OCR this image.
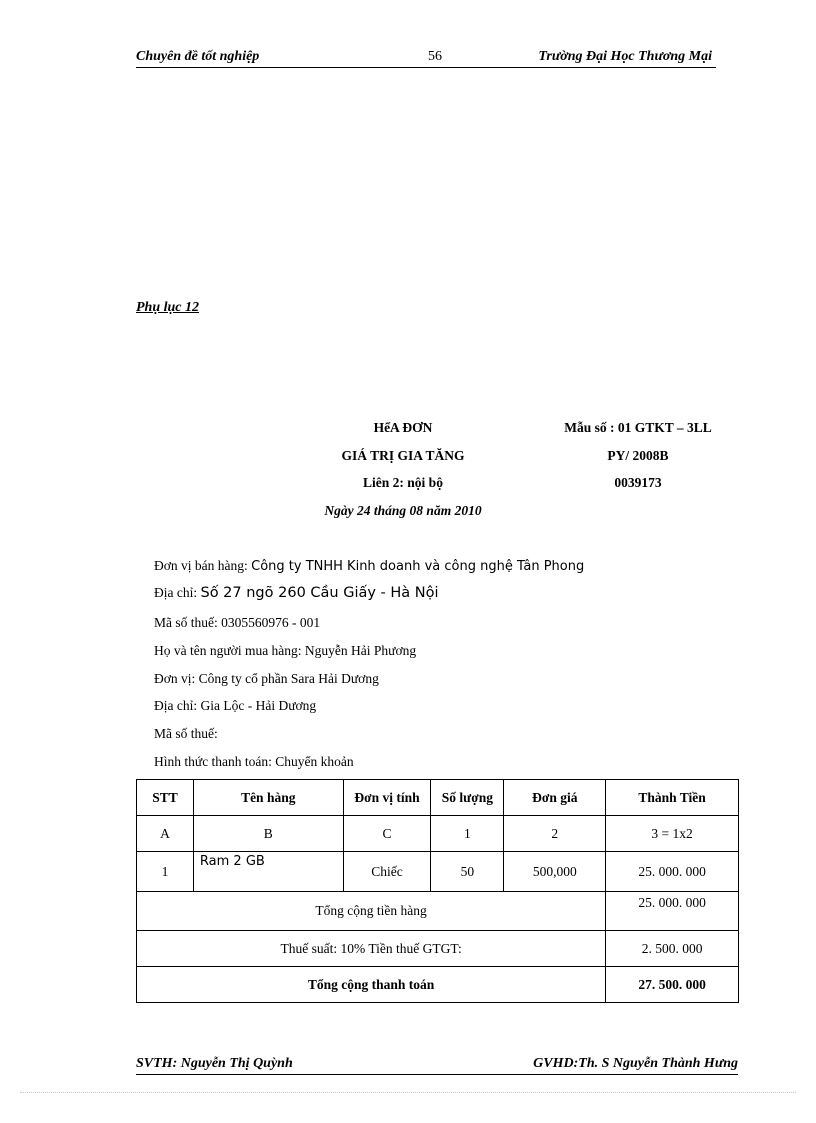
Chuyên đề tốt nghiệp	56	Trường Đại Học Thương Mại
Phụ lục 12
HểA ĐƠN
GIÁ TRỊ GIA TĂNG
Liên 2: nội bộ
Ngày 24 tháng 08 năm 2010
Mẫu số : 01 GTKT – 3LL
PY/ 2008B
0039173
Đơn vị bán hàng: Công ty TNHH Kinh doanh và công nghệ Tân Phong
Địa chỉ: Số 27 ngõ 260 Cầu Giấy - Hà Nội
Mã số thuế: 0305560976 - 001
Họ và tên người mua hàng: Nguyễn Hải Phương
Đơn vị: Công ty cổ phần Sara Hải Dương
Địa chỉ: Gia Lộc - Hải Dương
Mã số thuế:
Hình thức thanh toán: Chuyển khoản
STT	Tên hàng	Đơn vị tính	Số lượng	Đơn giá	Thành Tiền
A	B	C	1	2	3 = 1x2
1	Ram 2 GB	Chiếc	50	500,000	25. 000. 000
Tổng cộng tiền hàng					25. 000. 000
Thuế suất: 10% Tiền thuế GTGT:					2. 500. 000
Tổng cộng thanh toán					27. 500. 000
SVTH: Nguyễn Thị Quỳnh	GVHD:Th. S Nguyễn Thành Hưng
